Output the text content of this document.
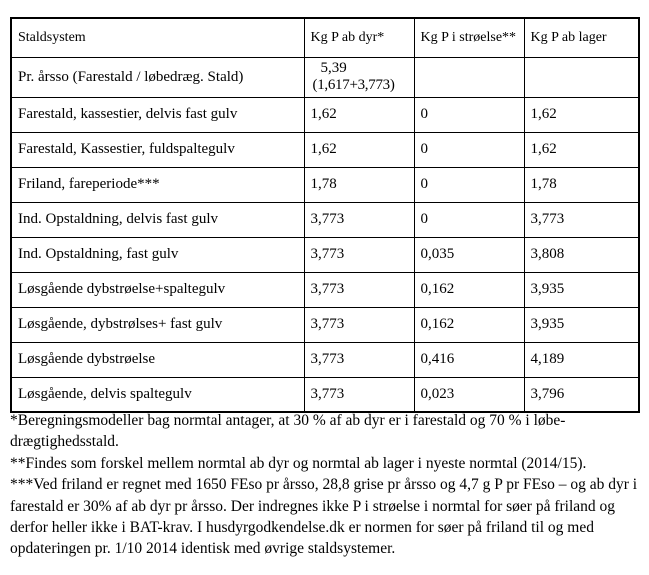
Staldsystem	Kg P ab dyr*	Kg P i strøelse**	Kg P ab lager
Pr. årsso (Farestald / løbedræg. Stald)	5,39
(1,617+3,773)		

Farestald, kassestier, delvis fast gulv	1,62	0	1,62
Farestald, Kassestier, fuldspaltegulv	1,62	0	1,62
Friland, fareperiode***	1,78	0	1,78
Ind. Opstaldning, delvis fast gulv	3,773	0	3,773
Ind. Opstaldning, fast gulv	3,773	0,035	3,808
Løsgående dybstrøelse+spaltegulv	3,773	0,162	3,935
Løsgående, dybstrølses+ fast gulv	3,773	0,162	3,935
Løsgående dybstrøelse	3,773	0,416	4,189
Løsgående, delvis spaltegulv	3,773	0,023	3,796

*Beregningsmodeller bag normtal antager, at 30 % af ab dyr er i farestald og 70 % i løbe-drægtighedsstald.

**Findes som forskel mellem normtal ab dyr og normtal ab lager i nyeste normtal (2014/15).

***Ved friland er regnet med 1650 FEso pr årsso, 28,8 grise pr årsso og 4,7 g P pr FEso – og ab dyr i farestald er 30% af ab dyr pr årsso. Der indregnes ikke P i strøelse i normtal for søer på friland og derfor heller ikke i BAT-krav. I husdyrgodkendelse.dk er normen for søer på friland til og med opdateringen pr. 1/10 2014 identisk med øvrige staldsystemer.
